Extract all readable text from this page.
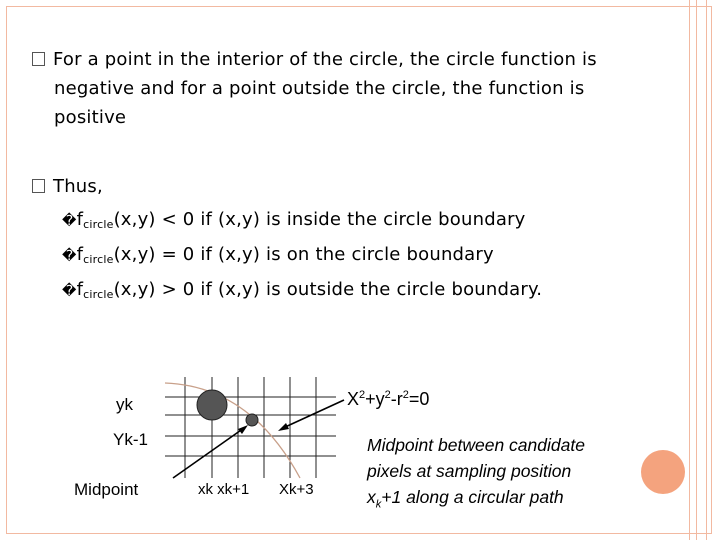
For a point in the interior of the circle, the circle function is
negative and for a point outside the circle, the function is
positive
Thus,
$�f_{circle}(x,y) < 0$ if (x,y) is inside the circle boundary
$�f_{circle}(x,y) = 0$ if (x,y) is on the circle boundary
$�f_{circle}(x,y) > 0$ if (x,y) is outside the circle boundary.
yk
Yk-1
Midpoint	xk xk+1 Xk+3
$X^2+y^2-r^2=0$
Midpoint between candidate
pixels at sampling position
$x_k+1$ along a circular path
